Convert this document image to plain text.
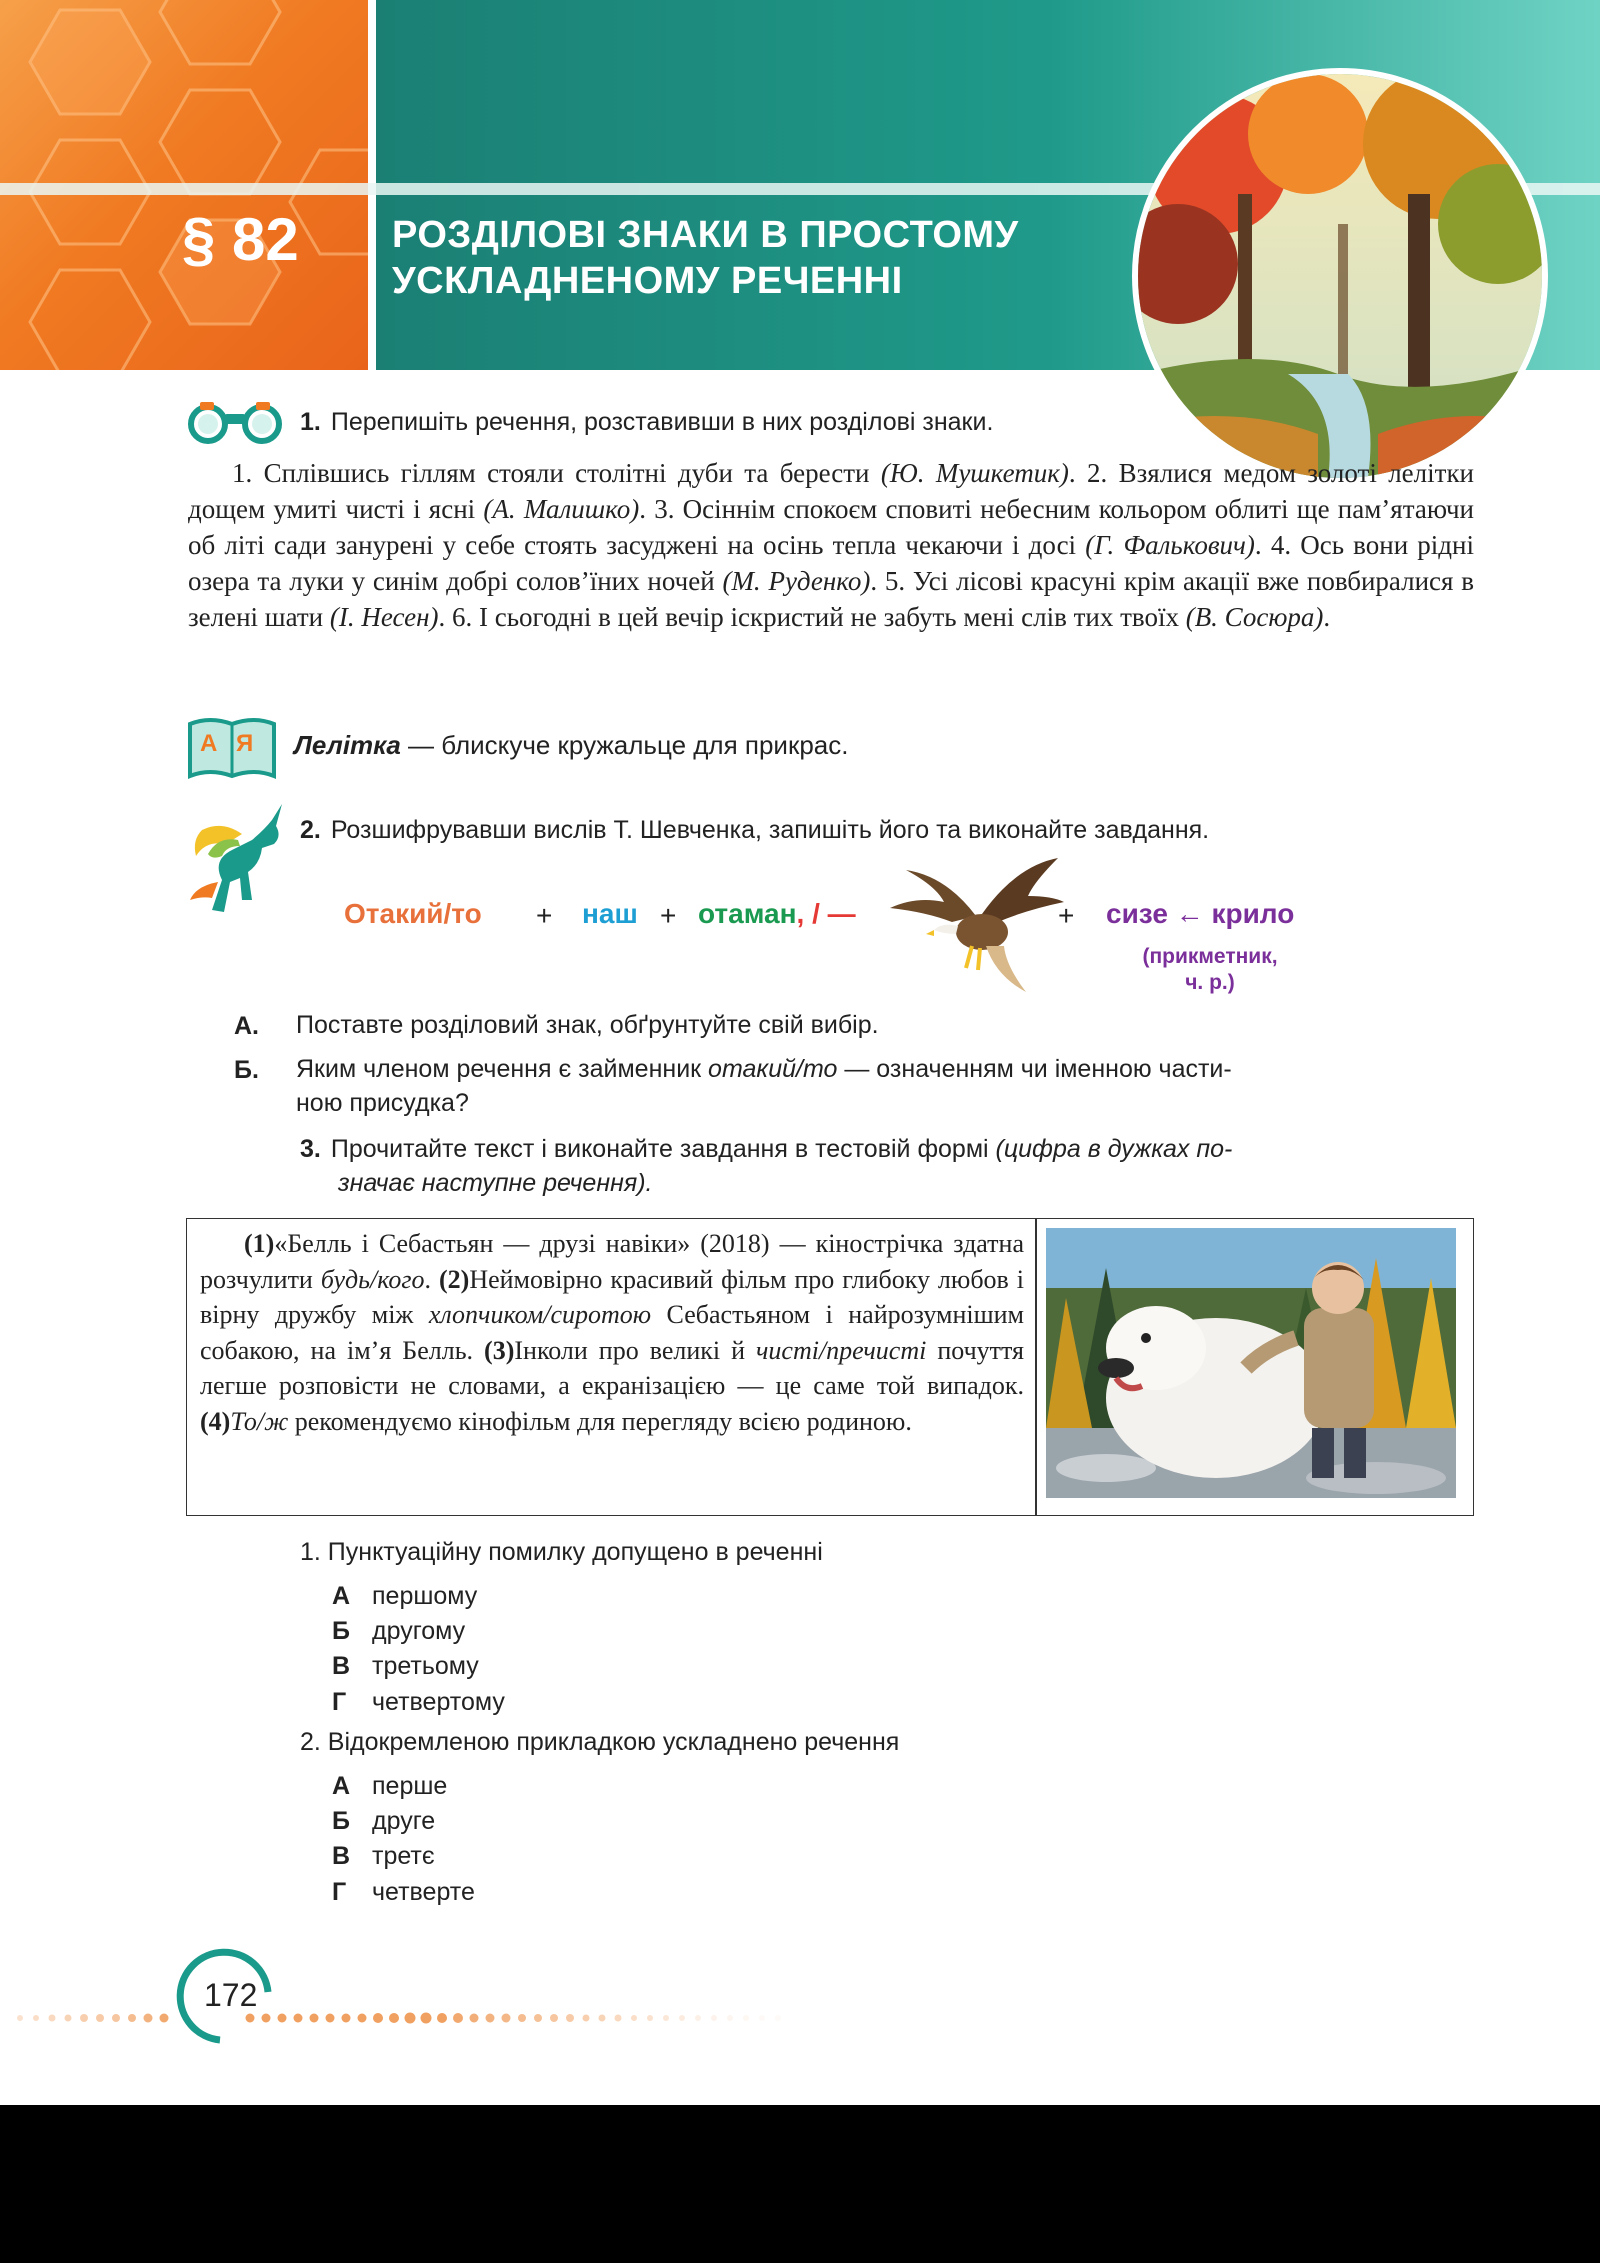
§ 82 РОЗДІЛОВІ ЗНАКИ В ПРОСТОМУ
УСКЛАДНЕНОМУ РЕЧЕННІ
1. Перепишіть речення, розставивши в них розділові знаки.
1. Сплівшись гіллям стояли столітні дуби та берести (Ю. Мушкетик). 2. Взялися медом золоті лелітки дощем умиті чисті і ясні (А. Малишко). 3. Осіннім спокоєм сповиті небесним кольором облиті ще пам’ятаючи об літі сади занурені у себе стоять засуджені на осінь тепла чекаючи і досі (Г. Фалькович). 4. Ось вони рідні озера та луки у синім добрі солов’їних ночей (М. Руденко). 5. Усі лісові красуні крім акації вже повбиралися в зелені шати (І. Несен). 6. І сьогодні в цей вечір іскристий не забуть мені слів тих твоїх (В. Сосюра).
А Я Леліткa — блискуче кружальце для прикрас.
2. Розшифрувавши вислів Т. Шевченка, запишіть його та виконайте завдання.
Отакий/то + наш + отаман, / —	+ сизе ← крило
(прикметник,
ч. р.)
А. Поставте розділовий знак, обґрунтуйте свій вибір.
Б. Яким членом речення є займенник отакий/то — означенням чи іменною части-
ною присудка?
3. Прочитайте текст і виконайте завдання в тестовій формі (цифра в дужках по-
значає наступне речення).
(1)«Белль і Себастьян — друзі навіки» (2018) — кінострічка здатна розчулити будь/кого. (2)Неймовірно красивий фільм про глибоку любов і вірну дружбу між хлопчиком/сиротою Себастьяном і найрозумнішим собакою, на ім’я Белль. (3)Інколи про великі й чисті/пречисті почуття легше розповісти не словами, а екранізацією — це саме той випадок. (4)То/ж рекомендуємо кінофільм для перегляду всією родиною.
1. Пунктуаційну помилку допущено в реченні
А першому
Б другому
В третьому
Г четвертому
2. Відокремленою прикладкою ускладнено речення
А перше
Б друге
В третє
Г четверте
172
